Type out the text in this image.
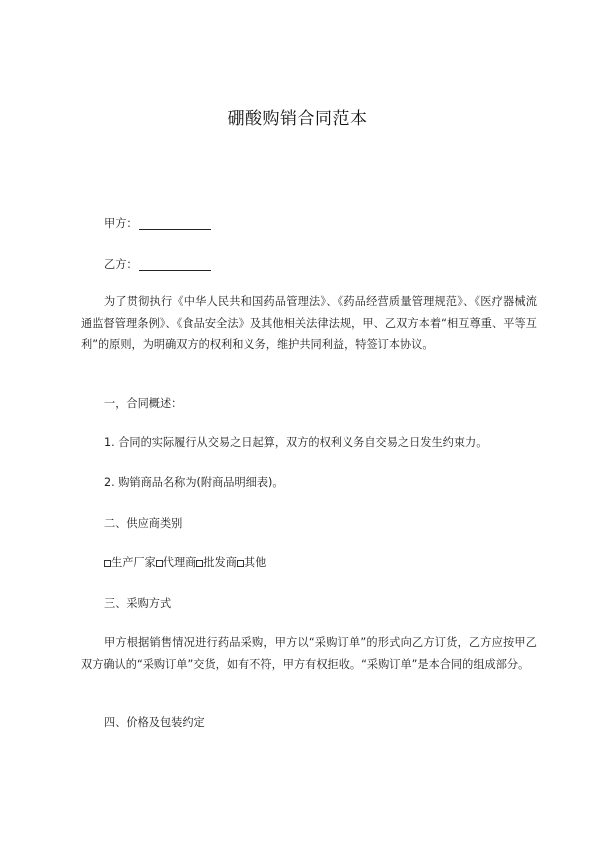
硼酸购销合同范本
甲方：
乙方：
为了贯彻执行《中华人民共和国药品管理法》、《药品经营质量管理规范》、《医疗器械流通监督管理条例》、《食品安全法》及其他相关法律法规，甲、乙双方本着“相互尊重、平等互利”的原则，为明确双方的权利和义务，维护共同利益，特签订本协议。
一，合同概述：
1. 合同的实际履行从交易之日起算，双方的权利义务自交易之日发生约束力。
2. 购销商品名称为(附商品明细表)。
二、供应商类别
生产厂家 代理商 批发商 其他
三、采购方式
甲方根据销售情况进行药品采购，甲方以“采购订单”的形式向乙方订货，乙方应按甲乙双方确认的“采购订单”交货，如有不符，甲方有权拒收。“采购订单”是本合同的组成部分。
四、价格及包装约定
